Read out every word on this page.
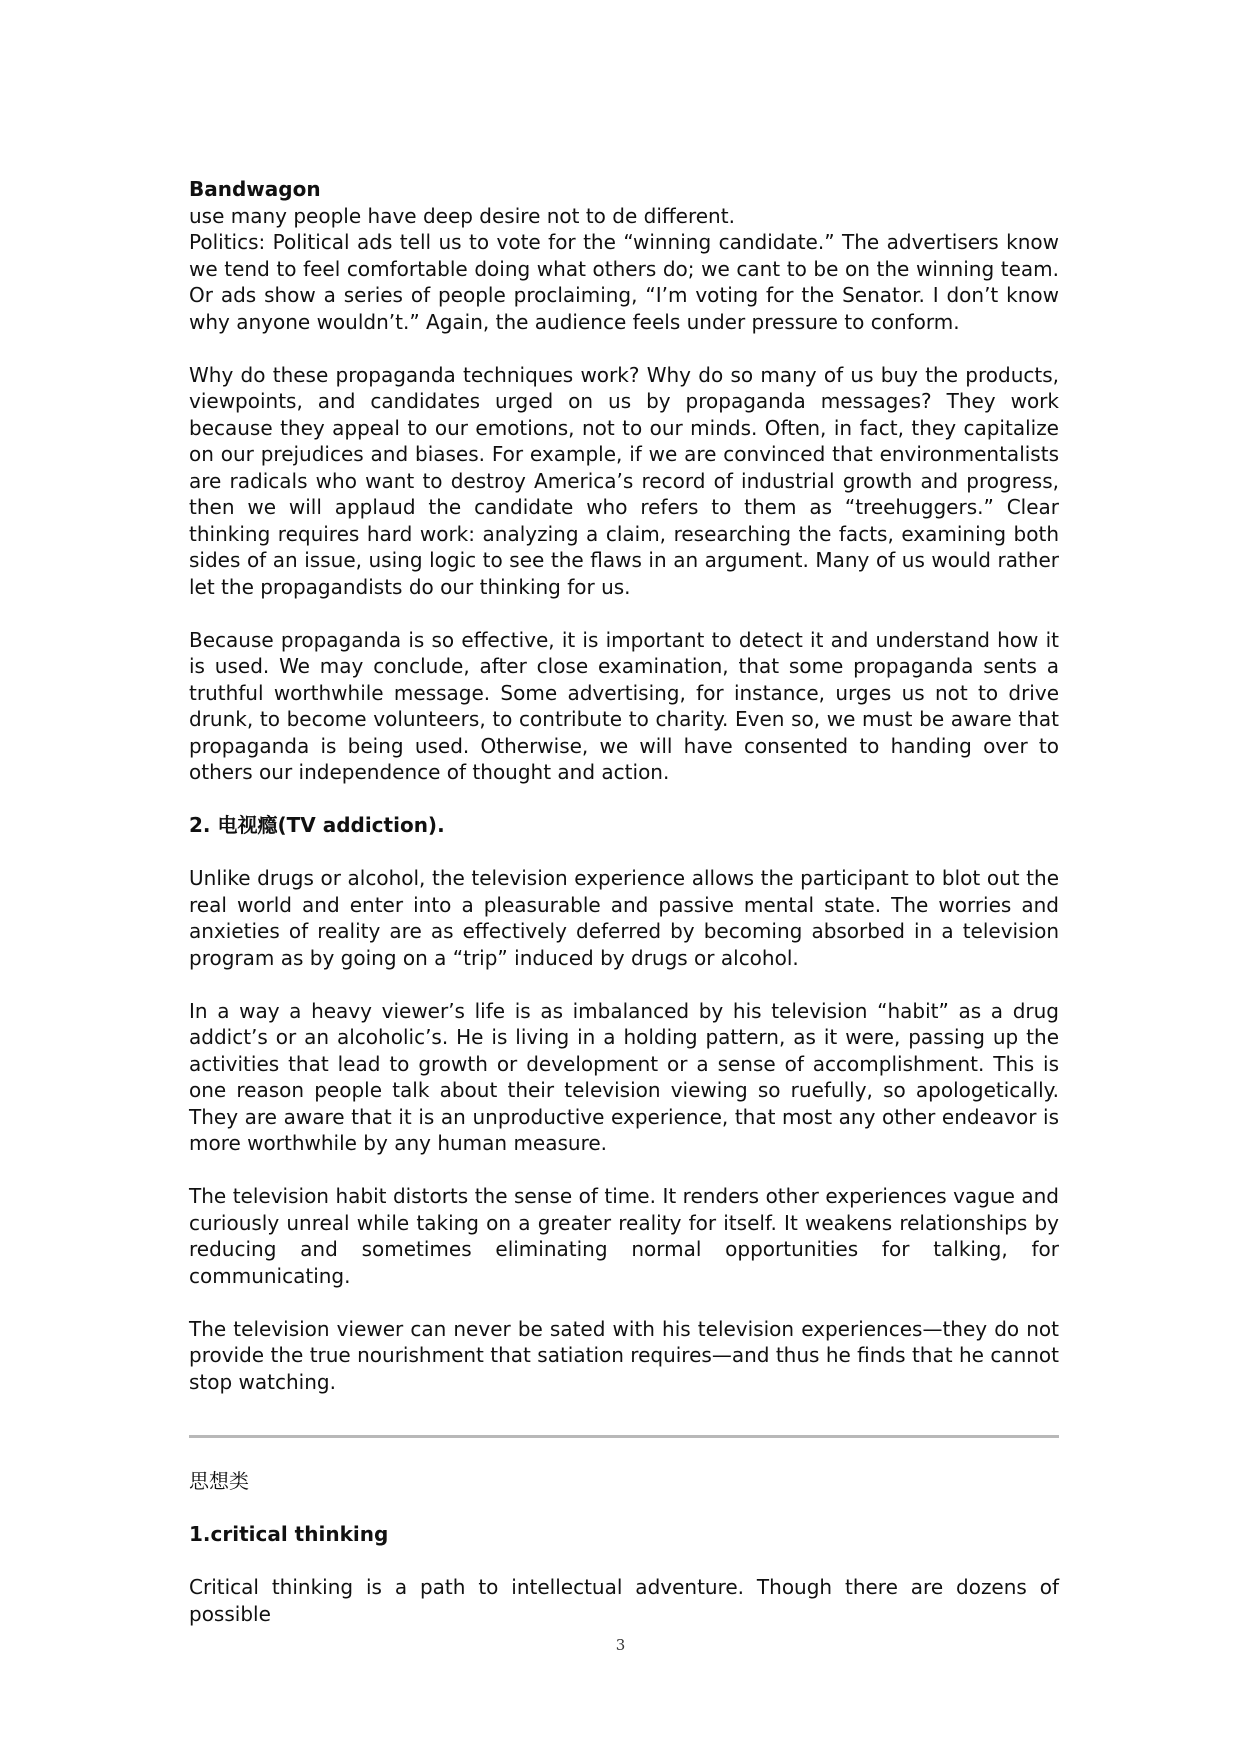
Bandwagon

use many people have deep desire not to de different.

Politics: Political ads tell us to vote for the “winning candidate.” The advertisers know we tend to feel comfortable doing what others do; we cant to be on the winning team. Or ads show a series of people proclaiming, “I’m voting for the Senator. I don’t know why anyone wouldn’t.” Again, the audience feels under pressure to conform.

Why do these propaganda techniques work? Why do so many of us buy the products, viewpoints, and candidates urged on us by propaganda messages? They work because they appeal to our emotions, not to our minds. Often, in fact, they capitalize on our prejudices and biases. For example, if we are convinced that environmentalists are radicals who want to destroy America’s record of industrial growth and progress, then we will applaud the candidate who refers to them as “treehuggers.” Clear thinking requires hard work: analyzing a claim, researching the facts, examining both sides of an issue, using logic to see the flaws in an argument. Many of us would rather let the propagandists do our thinking for us.

Because propaganda is so effective, it is important to detect it and understand how it is used. We may conclude, after close examination, that some propaganda sents a truthful worthwhile message. Some advertising, for instance, urges us not to drive drunk, to become volunteers, to contribute to charity. Even so, we must be aware that propaganda is being used. Otherwise, we will have consented to handing over to others our independence of thought and action.

2. 电视瘾(TV addiction).

Unlike drugs or alcohol, the television experience allows the participant to blot out the real world and enter into a pleasurable and passive mental state. The worries and anxieties of reality are as effectively deferred by becoming absorbed in a television program as by going on a “trip” induced by drugs or alcohol.

In a way a heavy viewer’s life is as imbalanced by his television “habit” as a drug addict’s or an alcoholic’s. He is living in a holding pattern, as it were, passing up the activities that lead to growth or development or a sense of accomplishment. This is one reason people talk about their television viewing so ruefully, so apologetically. They are aware that it is an unproductive experience, that most any other endeavor is more worthwhile by any human measure.

The television habit distorts the sense of time. It renders other experiences vague and curiously unreal while taking on a greater reality for itself. It weakens relationships by reducing and sometimes eliminating normal opportunities for talking, for communicating.

The television viewer can never be sated with his television experiences—they do not provide the true nourishment that satiation requires—and thus he finds that he cannot stop watching.

思想类

1.critical thinking

Critical thinking is a path to intellectual adventure. Though there are dozens of possible

3
